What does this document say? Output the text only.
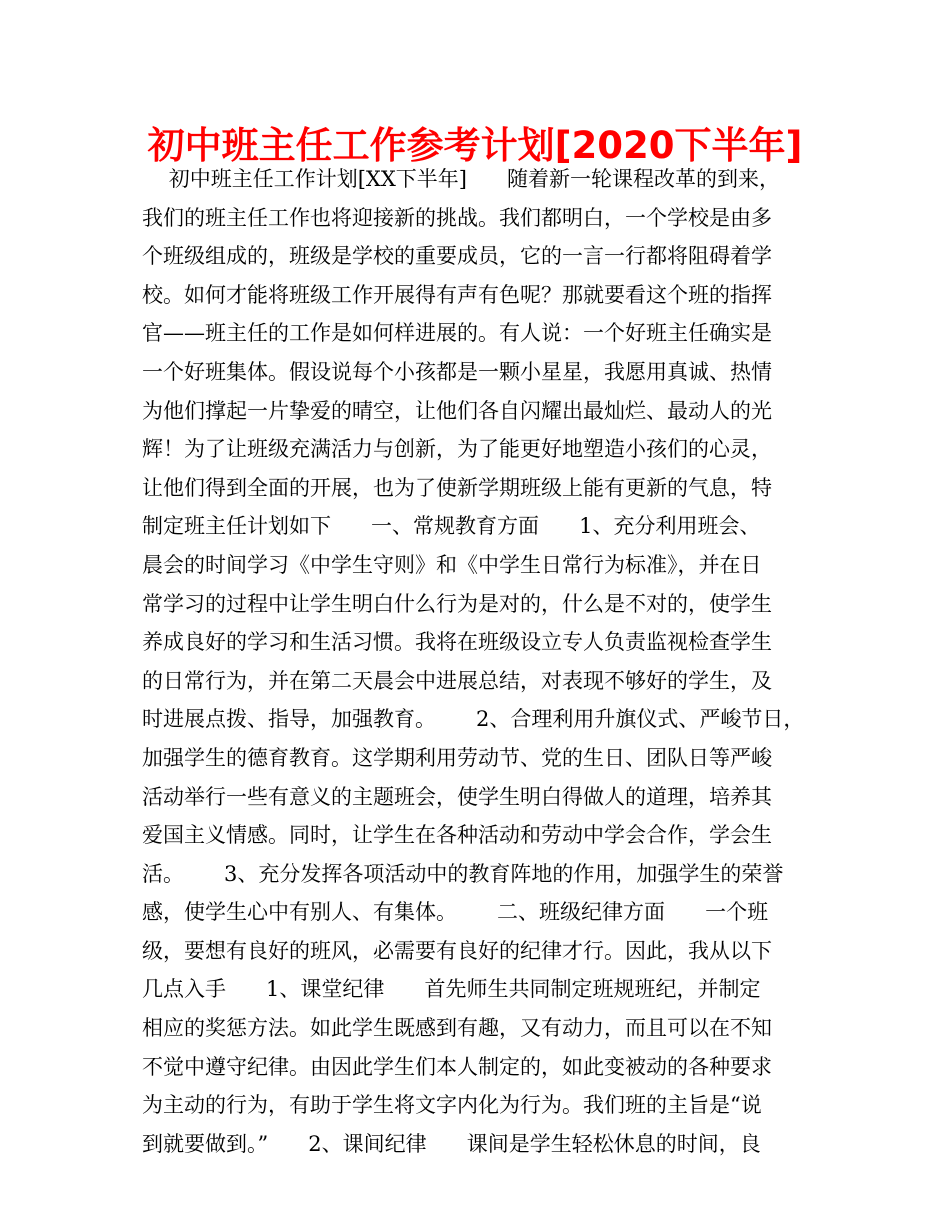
初中班主任工作参考计划[2020下半年]
初中班主任工作计划[XX下半年]      随着新一轮课程改革的到来，
我们的班主任工作也将迎接新的挑战。我们都明白，一个学校是由多
个班级组成的，班级是学校的重要成员，它的一言一行都将阻碍着学
校。如何才能将班级工作开展得有声有色呢？那就要看这个班的指挥
官——班主任的工作是如何样进展的。有人说：一个好班主任确实是
一个好班集体。假设说每个小孩都是一颗小星星，我愿用真诚、热情
为他们撑起一片挚爱的晴空，让他们各自闪耀出最灿烂、最动人的光
辉！为了让班级充满活力与创新，为了能更好地塑造小孩们的心灵，
让他们得到全面的开展，也为了使新学期班级上能有更新的气息，特
制定班主任计划如下      一、常规教育方面      1、充分利用班会、
晨会的时间学习《中学生守则》和《中学生日常行为标准》，并在日
常学习的过程中让学生明白什么行为是对的，什么是不对的，使学生
养成良好的学习和生活习惯。我将在班级设立专人负责监视检查学生
的日常行为，并在第二天晨会中进展总结，对表现不够好的学生，及
时进展点拨、指导，加强教育。      2、合理利用升旗仪式、严峻节日，
加强学生的德育教育。这学期利用劳动节、党的生日、团队日等严峻
活动举行一些有意义的主题班会，使学生明白得做人的道理，培养其
爱国主义情感。同时，让学生在各种活动和劳动中学会合作，学会生
活。      3、充分发挥各项活动中的教育阵地的作用，加强学生的荣誉
感，使学生心中有别人、有集体。      二、班级纪律方面      一个班
级，要想有良好的班风，必需要有良好的纪律才行。因此，我从以下
几点入手      1、课堂纪律      首先师生共同制定班规班纪，并制定
相应的奖惩方法。如此学生既感到有趣，又有动力，而且可以在不知
不觉中遵守纪律。由因此学生们本人制定的，如此变被动的各种要求
为主动的行为，有助于学生将文字内化为行为。我们班的主旨是“说
到就要做到。”      2、课间纪律      课间是学生轻松休息的时间，良
